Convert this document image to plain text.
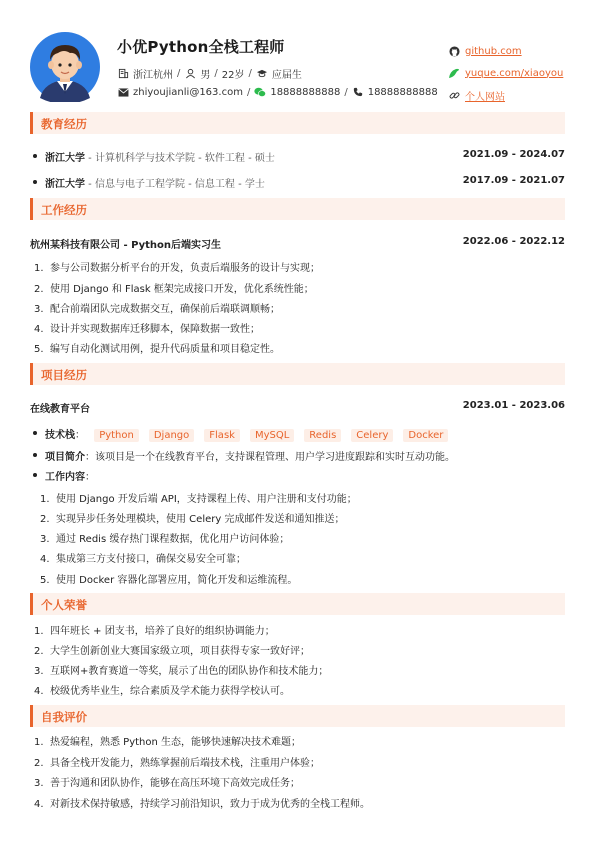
小优Python全栈工程师
浙江杭州 / 男 / 22岁 / 应届生
zhiyoujianli@163.com / 18888888888 / 18888888888
github.com
yuque.com/xiaoyou
个人网站
教育经历
浙江大学 - 计算机科学与技术学院 - 软件工程 - 硕士	2021.09 - 2024.07
浙江大学 - 信息与电子工程学院 - 信息工程 - 学士	2017.09 - 2021.07
工作经历
杭州某科技有限公司 - Python后端实习生	2022.06 - 2022.12
1. 参与公司数据分析平台的开发，负责后端服务的设计与实现；
2. 使用 Django 和 Flask 框架完成接口开发，优化系统性能；
3. 配合前端团队完成数据交互，确保前后端联调顺畅；
4. 设计并实现数据库迁移脚本，保障数据一致性；
5. 编写自动化测试用例，提升代码质量和项目稳定性。
项目经历
在线教育平台	2023.01 - 2023.06
技术栈：	Python	Django	Flask	MySQL	Redis	Celery	Docker
项目简介：该项目是一个在线教育平台，支持课程管理、用户学习进度跟踪和实时互动功能。
工作内容：
1. 使用 Django 开发后端 API，支持课程上传、用户注册和支付功能；
2. 实现异步任务处理模块，使用 Celery 完成邮件发送和通知推送；
3. 通过 Redis 缓存热门课程数据，优化用户访问体验；
4. 集成第三方支付接口，确保交易安全可靠；
5. 使用 Docker 容器化部署应用，简化开发和运维流程。
个人荣誉
1. 四年班长 + 团支书，培养了良好的组织协调能力；
2. 大学生创新创业大赛国家级立项，项目获得专家一致好评；
3. 互联网+教育赛道一等奖，展示了出色的团队协作和技术能力；
4. 校级优秀毕业生，综合素质及学术能力获得学校认可。
自我评价
1. 热爱编程，熟悉 Python 生态，能够快速解决技术难题；
2. 具备全栈开发能力，熟练掌握前后端技术栈，注重用户体验；
3. 善于沟通和团队协作，能够在高压环境下高效完成任务；
4. 对新技术保持敏感，持续学习前沿知识，致力于成为优秀的全栈工程师。
